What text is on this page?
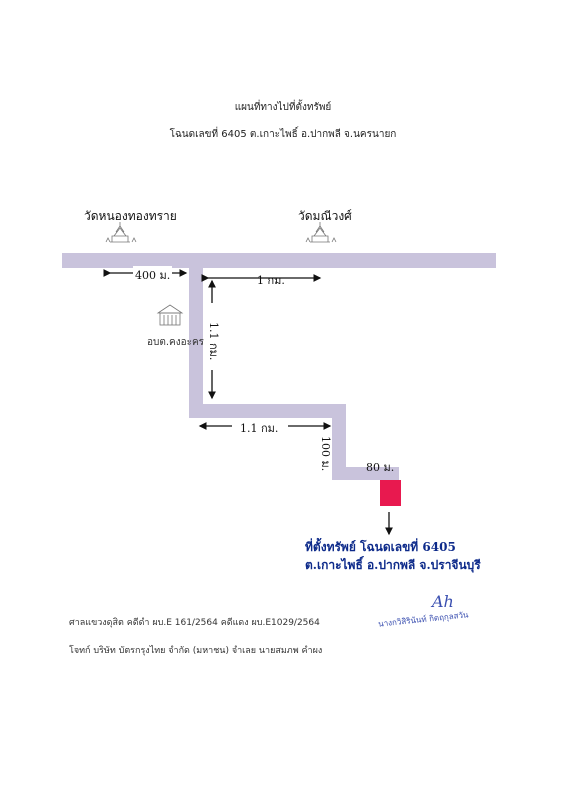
แผนที่ทางไปที่ตั้งทรัพย์
โฉนดเลขที่ 6405 ต.เกาะไพธิ์ อ.ปากพลี จ.นครนายก
วัดหนองทองทราย	วัดมณีวงศ์
อบต.คงอะคร
400 ม.	1 กม.
1.1 กม.
1.1 กม.
100 ม.	80 ม.
ที่ตั้งทรัพย์ โฉนดเลขที่ 6405
ต.เกาะไพธิ์ อ.ปากพลี จ.ปราจีนบุรี
ศาลแขวงดุสิต คดีดำ ผบ.E 161/2564 คดีแดง ผบ.E1029/2564
โจทก์ บริษัท บัตรกรุงไทย จำกัด (มหาชน) จำเลย นายสมภพ คำผง
Ah
นางกวิสิรินันท์ กิตฤกุลสวัน
